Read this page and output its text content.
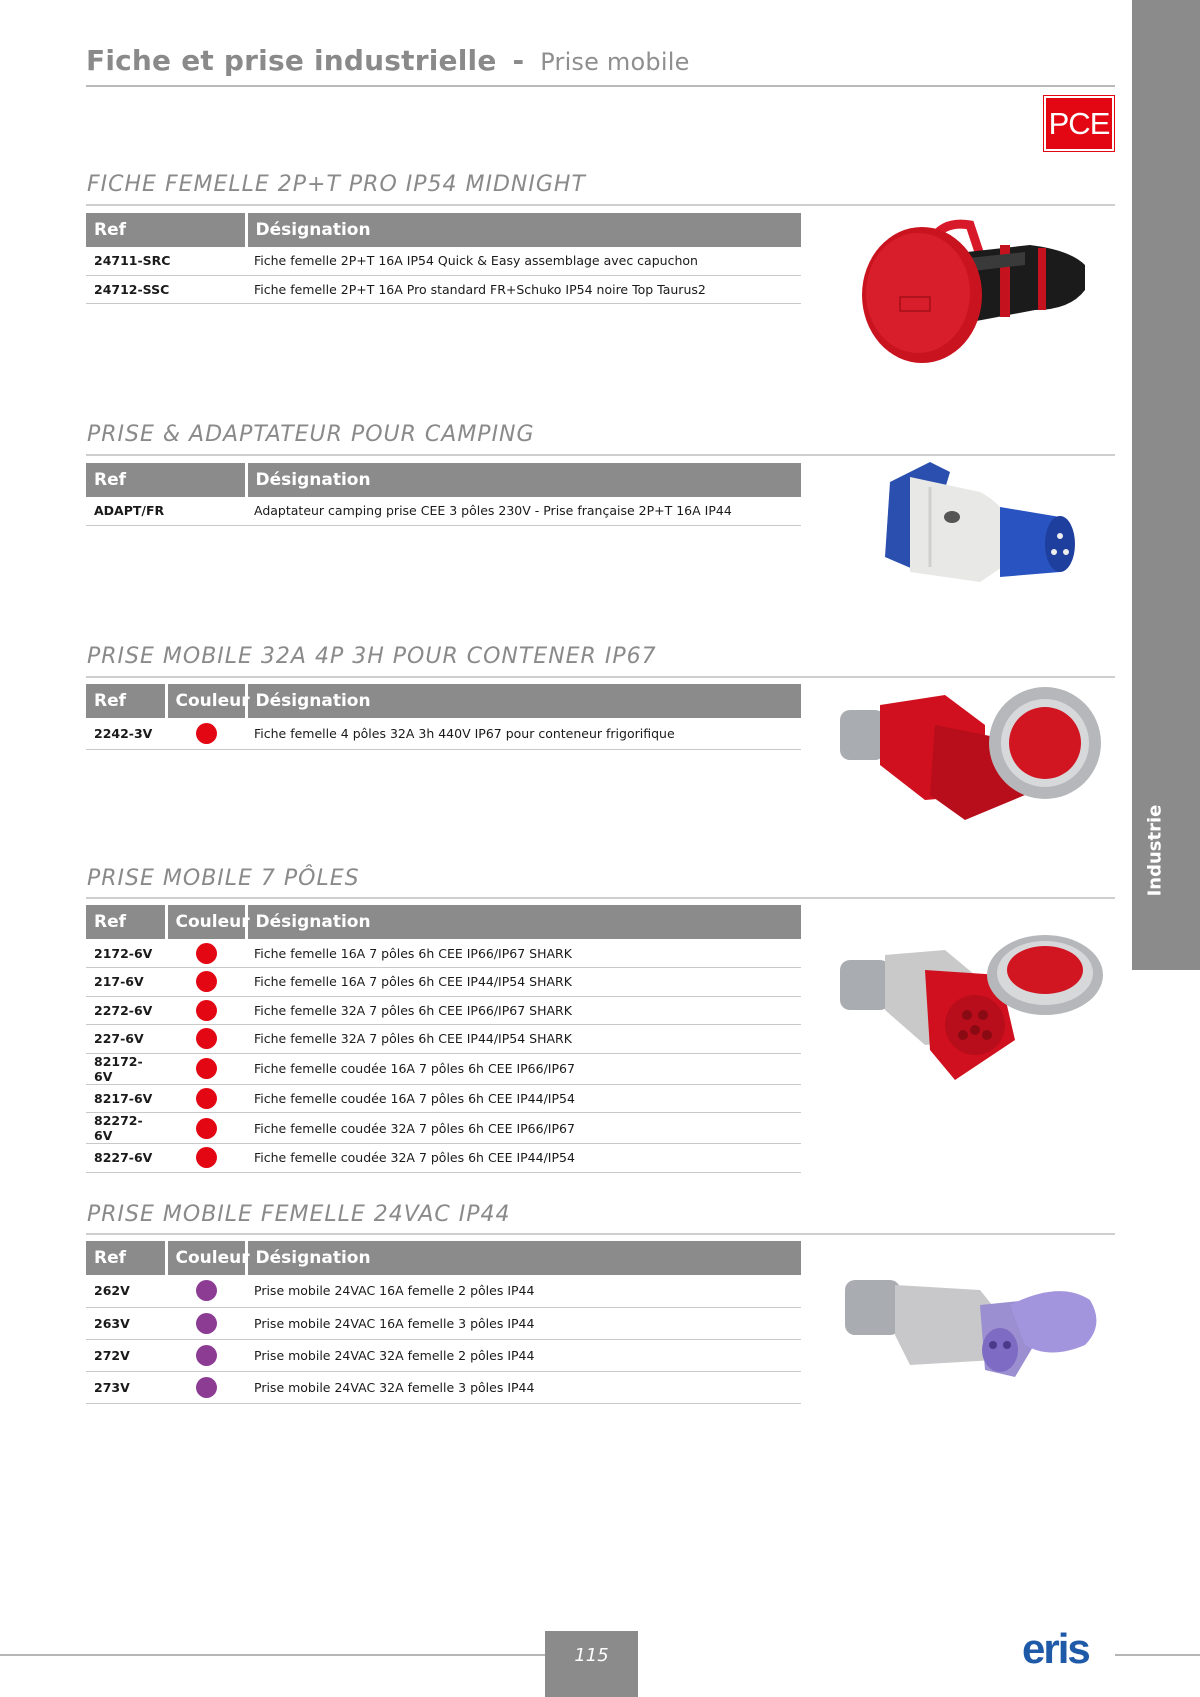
Fiche et prise industrielle - Prise mobile
Industrie
PCE
FICHE FEMELLE 2P+T PRO IP54 MIDNIGHT
Ref	Désignation
24711-SRC	Fiche femelle 2P+T 16A IP54 Quick & Easy assemblage avec capuchon
24712-SSC	Fiche femelle 2P+T 16A Pro standard FR+Schuko IP54 noire Top Taurus2
PRISE & ADAPTATEUR POUR CAMPING
Ref	Désignation
ADAPT/FR	Adaptateur camping prise CEE 3 pôles 230V - Prise française 2P+T 16A IP44
PRISE MOBILE 32A 4P 3H POUR CONTENER IP67
Ref	Couleur	Désignation
2242-3V		Fiche femelle 4 pôles 32A 3h 440V IP67 pour conteneur frigorifique
PRISE MOBILE 7 PÔLES
Ref	Couleur	Désignation
2172-6V		Fiche femelle 16A 7 pôles 6h CEE IP66/IP67 SHARK
217-6V		Fiche femelle 16A 7 pôles 6h CEE IP44/IP54 SHARK
2272-6V		Fiche femelle 32A 7 pôles 6h CEE IP66/IP67 SHARK
227-6V		Fiche femelle 32A 7 pôles 6h CEE IP44/IP54 SHARK
82172-6V		Fiche femelle coudée 16A 7 pôles 6h CEE IP66/IP67
8217-6V		Fiche femelle coudée 16A 7 pôles 6h CEE IP44/IP54
82272-6V		Fiche femelle coudée 32A 7 pôles 6h CEE IP66/IP67
8227-6V		Fiche femelle coudée 32A 7 pôles 6h CEE IP44/IP54
PRISE MOBILE FEMELLE 24VAC IP44
Ref	Couleur	Désignation
262V		Prise mobile 24VAC 16A femelle 2 pôles IP44
263V		Prise mobile 24VAC 16A femelle 3 pôles IP44
272V		Prise mobile 24VAC 32A femelle 2 pôles IP44
273V		Prise mobile 24VAC 32A femelle 3 pôles IP44
115	eris
